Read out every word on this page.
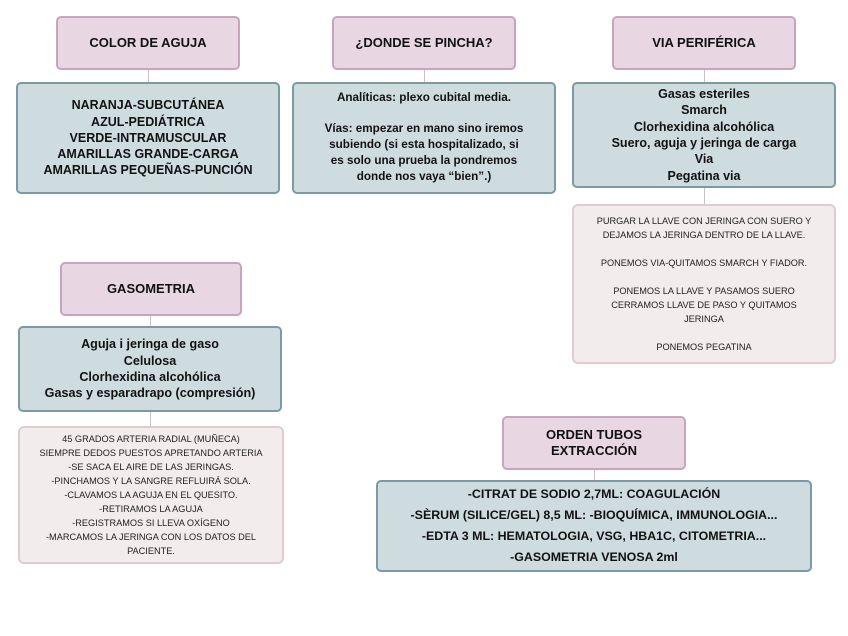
COLOR DE AGUJA
NARANJA-SUBCUTÁNEA
AZUL-PEDIÁTRICA
VERDE-INTRAMUSCULAR
AMARILLAS GRANDE-CARGA
AMARILLAS PEQUEÑAS-PUNCIÓN
¿DONDE SE PINCHA?
Analíticas: plexo cubital media.
Vías: empezar en mano sino iremos
subiendo (si esta hospitalizado, si
es solo una prueba la pondremos
donde nos vaya “bien”.)
VIA PERIFÉRICA
Gasas esteriles
Smarch
Clorhexidina alcohólica
Suero, aguja y jeringa de carga
Via
Pegatina via
PURGAR LA LLAVE CON JERINGA CON SUERO Y
DEJAMOS LA JERINGA DENTRO DE LA LLAVE.
PONEMOS VIA-QUITAMOS SMARCH Y FIADOR.
PONEMOS LA LLAVE Y PASAMOS SUERO
CERRAMOS LLAVE DE PASO Y QUITAMOS
JERINGA
PONEMOS PEGATINA
GASOMETRIA
Aguja i jeringa de gaso
Celulosa
Clorhexidina alcohólica
Gasas y esparadrapo (compresión)
45 GRADOS ARTERIA RADIAL (MUÑECA)
SIEMPRE DEDOS PUESTOS APRETANDO ARTERIA
-SE SACA EL AIRE DE LAS JERINGAS.
-PINCHAMOS Y LA SANGRE REFLUIRÁ SOLA.
-CLAVAMOS LA AGUJA EN EL QUESITO.
-RETIRAMOS LA AGUJA
-REGISTRAMOS SI LLEVA OXÍGENO
-MARCAMOS LA JERINGA CON LOS DATOS DEL
PACIENTE.
ORDEN TUBOS
EXTRACCIÓN
-CITRAT DE SODIO 2,7ML: COAGULACIÓN
-SÈRUM (SILICE/GEL) 8,5 ML: -BIOQUÍMICA, IMMUNOLOGIA...
-EDTA 3 ML: HEMATOLOGIA, VSG, HBA1C, CITOMETRIA...
-GASOMETRIA VENOSA 2ml
